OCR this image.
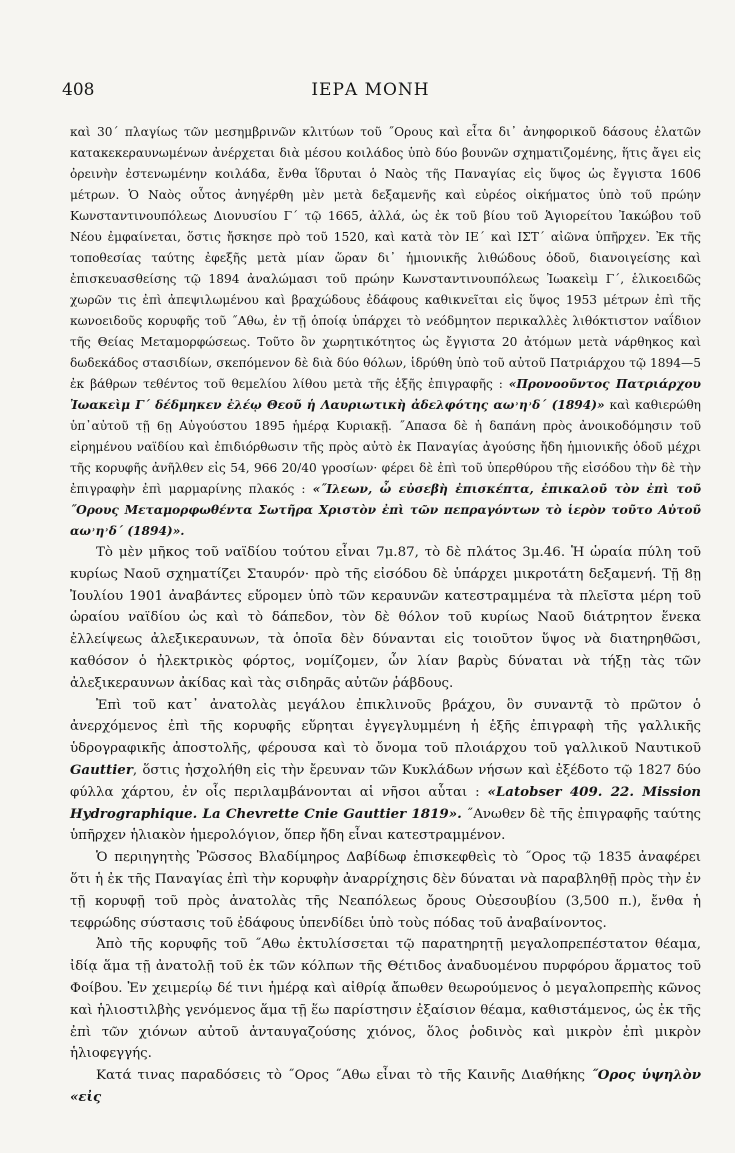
408	ΙΕΡΑ ΜΟΝΗ

καὶ 30΄ πλαγίως τῶν μεσημβρινῶν κλιτύων τοῦ ˝Ορους καὶ εἶτα δι᾽ ἀνηφορικοῦ δάσους ἐλατῶν κατακεκεραυνωμένων ἀνέρχεται διὰ μέσου κοιλάδος ὑπὸ δύο βουνῶν σχηματιζομένης, ἥτις ἄγει εἰς ὀρεινὴν ἐστενωμένην κοιλάδα, ἔνθα ἵδρυται ὁ Ναὸς τῆς Παναγίας εἰς ὕψος ὡς ἔγγιστα 1606 μέτρων. Ὁ Ναὸς οὗτος ἀνηγέρθη μὲν μετὰ δεξαμενῆς καὶ εὐρέος οἰκήματος ὑπὸ τοῦ πρώην Κωνσταντινουπόλεως Διονυσίου Γ΄ τῷ 1665, ἀλλά, ὡς ἐκ τοῦ βίου τοῦ Ἁγιορείτου Ἰακώβου τοῦ Νέου ἐμφαίνεται, ὅστις ἤσκησε πρὸ τοῦ 1520, καὶ κατὰ τὸν ΙΕ΄ καὶ ΙΣΤ΄ αἰῶνα ὑπῆρχεν. Ἐκ τῆς τοποθεσίας ταύτης ἐφεξῆς μετὰ μίαν ὥραν δι᾽ ἡμιονικῆς λιθώδους ὁδοῦ, διανοιγείσης καὶ ἐπισκευασθείσης τῷ 1894 ἀναλώμασι τοῦ πρώην Κωνσταντινουπόλεως Ἰωακεὶμ Γ΄, ἑλικοειδῶς χωρῶν τις ἐπὶ ἀπεψιλωμένου καὶ βραχώδους ἐδάφους καθικνεῖται εἰς ὕψος 1953 μέτρων ἐπὶ τῆς κωνοειδοῦς κορυφῆς τοῦ ˝Αθω, ἐν τῇ ὁποίᾳ ὑπάρχει τὸ νεόδμητον περικαλλὲς λιθόκτιστον ναΐδιον τῆς Θείας Μεταμορφώσεως. Τοῦτο ὂν χωρητικότητος ὡς ἔγγιστα 20 ἀτόμων μετὰ νάρθηκος καὶ δωδεκάδος στασιδίων, σκεπόμενον δὲ διὰ δύο θόλων, ἱδρύθη ὑπὸ τοῦ αὐτοῦ Πατριάρχου τῷ 1894—5 ἐκ βάθρων τεθέντος τοῦ θεμελίου λίθου μετὰ τῆς ἑξῆς ἐπιγραφῆς : «Προνοοῦντος Πατριάρχου Ἰωακεὶμ Γ΄ δέδμηκεν ἐλέῳ Θεοῦ ἡ Λαυριωτικὴ ἀδελφότης αω˒η˒δ΄ (1894)» καὶ καθιερώθη ὑπ᾽αὐτοῦ τῇ 6ῃ Αὐγούστου 1895 ἡμέρᾳ Κυριακῇ. ˝Απασα δὲ ἡ δαπάνη πρὸς ἀνοικοδόμησιν τοῦ εἰρημένου ναϊδίου καὶ ἐπιδιόρθωσιν τῆς πρὸς αὐτὸ ἐκ Παναγίας ἀγούσης ἤδη ἡμιονικῆς ὁδοῦ μέχρι τῆς κορυφῆς ἀνῆλθεν εἰς 54, 966 20/40 γροσίων· φέρει δὲ ἐπὶ τοῦ ὑπερθύρου τῆς εἰσόδου τὴν δὲ τὴν ἐπιγραφὴν ἐπὶ μαρμαρίνης πλακός : «˝Ιλεων, ὦ εὐσεβὴ ἐπισκέπτα, ἐπικαλοῦ τὸν ἐπὶ τοῦ ˝Ορους Μεταμορφωθέντα Σωτῆρα Χριστὸν ἐπὶ τῶν πεπραγόντων τὸ ἱερὸν τοῦτο Αὐτοῦ αω˒η˒δ΄ (1894)».

Τὸ μὲν μῆκος τοῦ ναϊδίου τούτου εἶναι 7μ.87, τὸ δὲ πλάτος 3μ.46. Ἡ ὡραία πύλη τοῦ κυρίως Ναοῦ σχηματίζει Σταυρόν· πρὸ τῆς εἰσόδου δὲ ὑπάρχει μικροτάτη δεξαμενή. Τῇ 8ῃ Ἰουλίου 1901 ἀναβάντες εὕρομεν ὑπὸ τῶν κεραυνῶν κατεστραμμένα τὰ πλεῖστα μέρη τοῦ ὡραίου ναϊδίου ὡς καὶ τὸ δάπεδον, τὸν δὲ θόλον τοῦ κυρίως Ναοῦ διάτρητον ἕνεκα ἐλλείψεως ἀλεξικεραυνων, τὰ ὁποῖα δὲν δύνανται εἰς τοιοῦτον ὕψος νὰ διατηρηθῶσι, καθόσον ὁ ἠλεκτρικὸς φόρτος, νομίζομεν, ὧν λίαν βαρὺς δύναται νὰ τήξῃ τὰς τῶν ἀλεξικεραυνων ἀκίδας καὶ τὰς σιδηρᾶς αὐτῶν ῥάβδους.

Ἐπὶ τοῦ κατ᾽ ἀνατολὰς μεγάλου ἐπικλινοῦς βράχου, ὃν συναντᾷ τὸ πρῶτον ὁ ἀνερχόμενος ἐπὶ τῆς κορυφῆς εὕρηται ἐγγεγλυμμένη ἡ ἑξῆς ἐπιγραφὴ τῆς γαλλικῆς ὑδρογραφικῆς ἀποστολῆς, φέρουσα καὶ τὸ ὄνομα τοῦ πλοιάρχου τοῦ γαλλικοῦ Ναυτικοῦ Gauttier, ὅστις ἠσχολήθη εἰς τὴν ἔρευναν τῶν Κυκλάδων νήσων καὶ ἐξέδοτο τῷ 1827 δύο φύλλα χάρτου, ἐν οἷς περιλαμβάνονται αἱ νῆσοι αὗται : «Latobser 409. 22. Mission Hydrographique. La Chevrette Cnie Gauttier 1819». ˝Ανωθεν δὲ τῆς ἐπιγραφῆς ταύτης ὑπῆρχεν ἡλιακὸν ἡμερολόγιον, ὅπερ ἤδη εἶναι κατεστραμμένον.

Ὁ περιηγητὴς Ῥῶσσος Βλαδίμηρος Δαβίδωφ ἐπισκεφθεὶς τὸ ˝Ορος τῷ 1835 ἀναφέρει ὅτι ἡ ἐκ τῆς Παναγίας ἐπὶ τὴν κορυφὴν ἀναρρίχησις δὲν δύναται νὰ παραβληθῇ πρὸς τὴν ἐν τῇ κορυφῇ τοῦ πρὸς ἀνατολὰς τῆς Νεαπόλεως ὄρους Οὐεσουβίου (3,500 π.), ἔνθα ἡ τεφρώδης σύστασις τοῦ ἐδάφους ὑπενδίδει ὑπὸ τοὺς πόδας τοῦ ἀναβαίνοντος.

Ἀπὸ τῆς κορυφῆς τοῦ ˝Αθω ἐκτυλίσσεται τῷ παρατηρητῇ μεγαλοπρεπέστατον θέαμα, ἰδίᾳ ἅμα τῇ ἀνατολῇ τοῦ ἐκ τῶν κόλπων τῆς Θέτιδος ἀναδυομένου πυρφόρου ἅρματος τοῦ Φοίβου. Ἐν χειμερίῳ δέ τινι ἡμέρᾳ καὶ αἰθρίᾳ ἄπωθεν θεωρούμενος ὁ μεγαλοπρεπὴς κῶνος καὶ ἡλιοστιλβὴς γενόμενος ἅμα τῇ ἕω παρίστησιν ἐξαίσιον θέαμα, καθιστάμενος, ὡς ἐκ τῆς ἐπὶ τῶν χιόνων αὐτοῦ ἀνταυγαζούσης χιόνος, ὅλος ῥοδινὸς καὶ μικρὸν ἐπὶ μικρὸν ἡλιοφεγγής.

Κατά τινας παραδόσεις τὸ ˝Ορος ˝Αθω εἶναι τὸ τῆς Καινῆς Διαθήκης ˝Ορος ὑψηλὸν «εἰς
